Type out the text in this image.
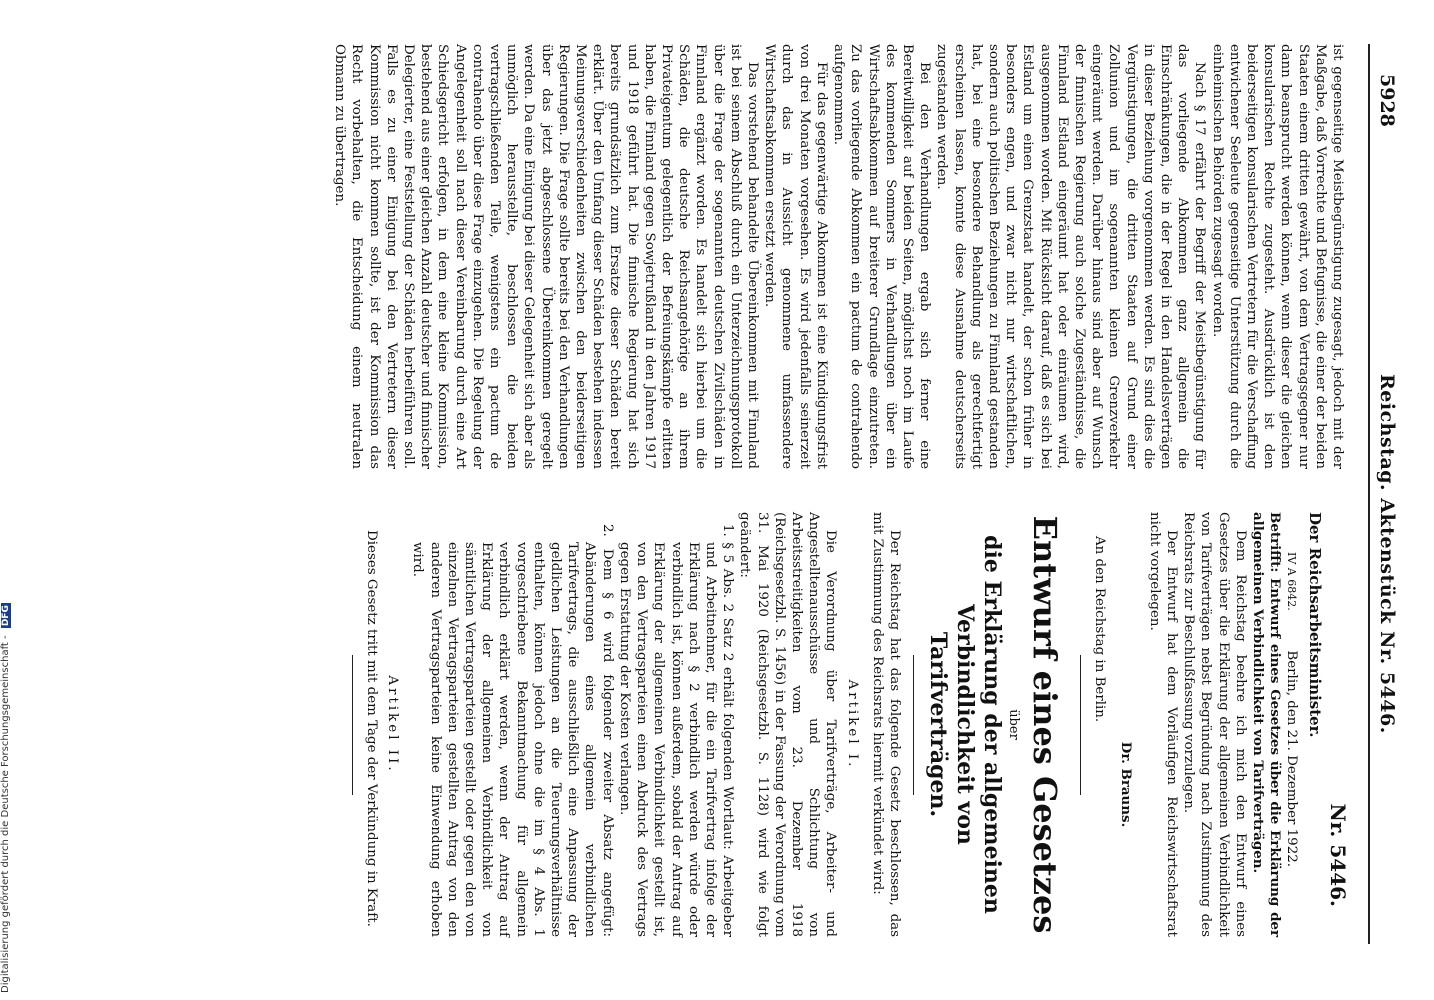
5928
Reichstag. Aktenstück Nr. 5446.

ist gegenseitige Meistbegünstigung zugesagt, jedoch mit der Maßgabe, daß Vorrechte und Befugnisse, die einer der beiden Staaten einem dritten gewährt, von dem Vertragsgegner nur dann beansprucht werden können, wenn dieser die gleichen konsularischen Rechte zugesteht. Ausdrücklich ist den beiderseitigen konsularischen Vertretern für die Verschaffung entwichener Seeleute gegenseitige Unterstützung durch die einheimischen Behörden zugesagt worden.

Nach § 17 erfährt der Begriff der Meistbegünstigung für das vorliegende Abkommen ganz allgemein die Einschränkungen, die in der Regel in den Handelsverträgen in dieser Beziehung vorgenommen werden. Es sind dies die Vergünstigungen, die dritten Staaten auf Grund einer Zollunion und im sogenannten kleinen Grenzverkehr eingeräumt werden. Darüber hinaus sind aber auf Wunsch der finnischen Regierung auch solche Zugeständnisse, die Finnland Estland eingeräumt hat oder einräumen wird, ausgenommen worden. Mit Rücksicht darauf, daß es sich bei Estland um einen Grenzstaat handelt, der schon früher in besonders engen, und zwar nicht nur wirtschaftlichen, sondern auch politischen Beziehungen zu Finnland gestanden hat, bei eine besondere Behandlung als gerechtfertigt erscheinen lassen, konnte diese Ausnahme deutscherseits zugestanden werden.

Bei den Verhandlungen ergab sich ferner eine Bereitwilligkeit auf beiden Seiten, möglichst noch im Laufe des kommenden Sommers in Verhandlungen über ein Wirtschaftsabkommen auf breiterer Grundlage einzutreten. Zu das vorliegende Abkommen ein pactum de contrahendo aufgenommen.

Für das gegenwärtige Abkommen ist eine Kündigungsfrist von drei Monaten vorgesehen. Es wird jedenfalls seinerzeit durch das in Aussicht genommene umfassendere Wirtschaftsabkommen ersetzt werden.

Das vorstehend behandelte Übereinkommen mit Finnland ist bei seinem Abschluß durch ein Unterzeichnungsprotokoll über die Frage der sogenannten deutschen Zivilschäden in Finnland ergänzt worden. Es handelt sich hierbei um die Schäden, die deutsche Reichsangehörige an ihrem Privateigentum gelegentlich der Befreiungskämpfe erlitten haben, die Finnland gegen Sowjetrußland in den Jahren 1917 und 1918 geführt hat. Die finnische Regierung hat sich bereits grundsätzlich zum Ersatze dieser Schäden bereit erklärt. Über den Umfang dieser Schäden bestehen indessen Meinungsverschiedenheiten zwischen den beiderseitigen Regierungen. Die Frage sollte bereits bei den Verhandlungen über das jetzt abgeschlossene Übereinkommen geregelt werden. Da eine Einigung bei dieser Gelegenheit sich aber als unmöglich herausstellte, beschlossen die beiden vertragschließenden Teile, wenigstens ein pactum de contrahendo über diese Frage einzugehen. Die Regelung der Angelegenheit soll nach dieser Vereinbarung durch eine Art Schiedsgericht erfolgen, in dem eine kleine Kommission, bestehend aus einer gleichen Anzahl deutscher und finnischer Delegierter, eine Feststellung der Schäden herbeiführen soll. Falls es zu einer Einigung bei den Vertretern dieser Kommission nicht kommen sollte, ist der Kommission das Recht vorbehalten, die Entscheidung einem neutralen Obmann zu übertragen.

Nr. 5446.
Der Reichsarbeitsminister.
IV A 6842.
Berlin, den 21. Dezember 1922.

Betrifft: Entwurf eines Gesetzes über die Erklärung der allgemeinen Verbindlichkeit von Tarifverträgen.

Dem Reichstag beehre ich mich den Entwurf eines Gesetzes über die Erklärung der allgemeinen Verbindlichkeit von Tarifverträgen nebst Begründung nach Zustimmung des Reichsrats zur Beschlußfassung vorzulegen.

Der Entwurf hat dem Vorläufigen Reichswirtschaftsrat nicht vorgelegen.

Dr. Brauns.
An den Reichstag in Berlin.
Entwurf eines Gesetzes
über
die Erklärung der allgemeinen Verbindlichkeit von Tarifverträgen.

Der Reichstag hat das folgende Gesetz beschlossen, das mit Zustimmung des Reichsrats hiermit verkündet wird:

Artikel I.

Die Verordnung über Tarifverträge, Arbeiter- und Angestelltenausschüsse und Schlichtung von Arbeitsstreitigkeiten vom 23. Dezember 1918 (Reichsgesetzbl. S. 1456) in der Fassung der Verordnung vom 31. Mai 1920 (Reichsgesetzbl. S. 1128) wird wie folgt geändert:

1. § 5 Abs. 2 Satz 2 erhält folgenden Wortlaut: Arbeitgeber und Arbeitnehmer, für die ein Tarifvertrag infolge der Erklärung nach § 2 verbindlich werden würde oder verbindlich ist, können außerdem, sobald der Antrag auf Erklärung der allgemeinen Verbindlichkeit gestellt ist, von den Vertragsparteien einen Abdruck des Vertrags gegen Erstattung der Kosten verlangen.

2. Dem § 6 wird folgender zweiter Absatz angefügt: Abänderungen eines allgemein verbindlichen Tarifvertrags, die ausschließlich eine Anpassung der geldlichen Leistungen an die Teuerungsverhältnisse enthalten, können jedoch ohne die im § 4 Abs. 1 vorgeschriebene Bekanntmachung für allgemein verbindlich erklärt werden, wenn der Antrag auf Erklärung der allgemeinen Verbindlichkeit von sämtlichen Vertragsparteien gestellt oder gegen den von einzelnen Vertragsparteien gestellten Antrag von den anderen Vertragsparteien keine Einwendung erhoben wird.

Artikel II.

Dieses Gesetz tritt mit dem Tage der Verkündung in Kraft.

Digitalisierung gefördert durch die Deutsche Forschungsgemeinschaft - DFG
